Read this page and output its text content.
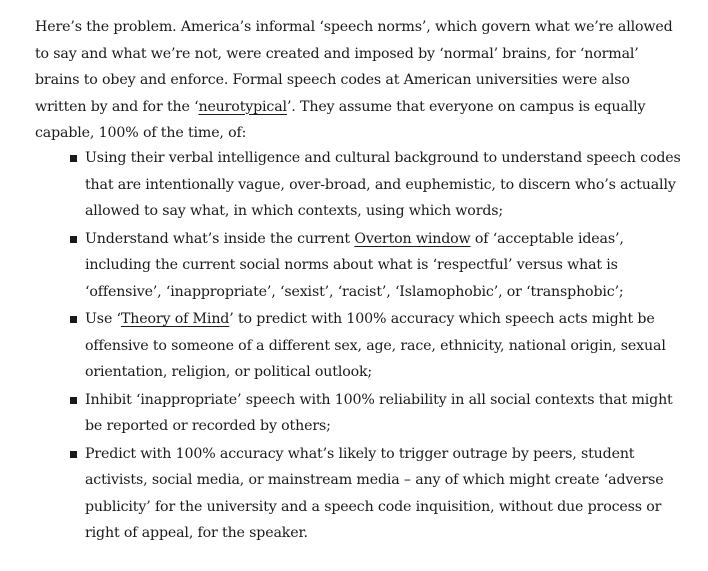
Here’s the problem. America’s informal ‘speech norms’, which govern what we’re allowed to say and what we’re not, were created and imposed by ‘normal’ brains, for ‘normal’ brains to obey and enforce. Formal speech codes at American universities were also written by and for the ‘neurotypical’. They assume that everyone on campus is equally capable, 100% of the time, of:

Using their verbal intelligence and cultural background to understand speech codes that are intentionally vague, over-broad, and euphemistic, to discern who’s actually allowed to say what, in which contexts, using which words;
Understand what’s inside the current Overton window of ‘acceptable ideas’, including the current social norms about what is ‘respectful’ versus what is ‘offensive’, ‘inappropriate’, ‘sexist’, ‘racist’, ‘Islamophobic’, or ‘transphobic’;
Use ‘Theory of Mind’ to predict with 100% accuracy which speech acts might be offensive to someone of a different sex, age, race, ethnicity, national origin, sexual orientation, religion, or political outlook;
Inhibit ‘inappropriate’ speech with 100% reliability in all social contexts that might be reported or recorded by others;
Predict with 100% accuracy what’s likely to trigger outrage by peers, student activists, social media, or mainstream media – any of which might create ‘adverse publicity’ for the university and a speech code inquisition, without due process or right of appeal, for the speaker.
